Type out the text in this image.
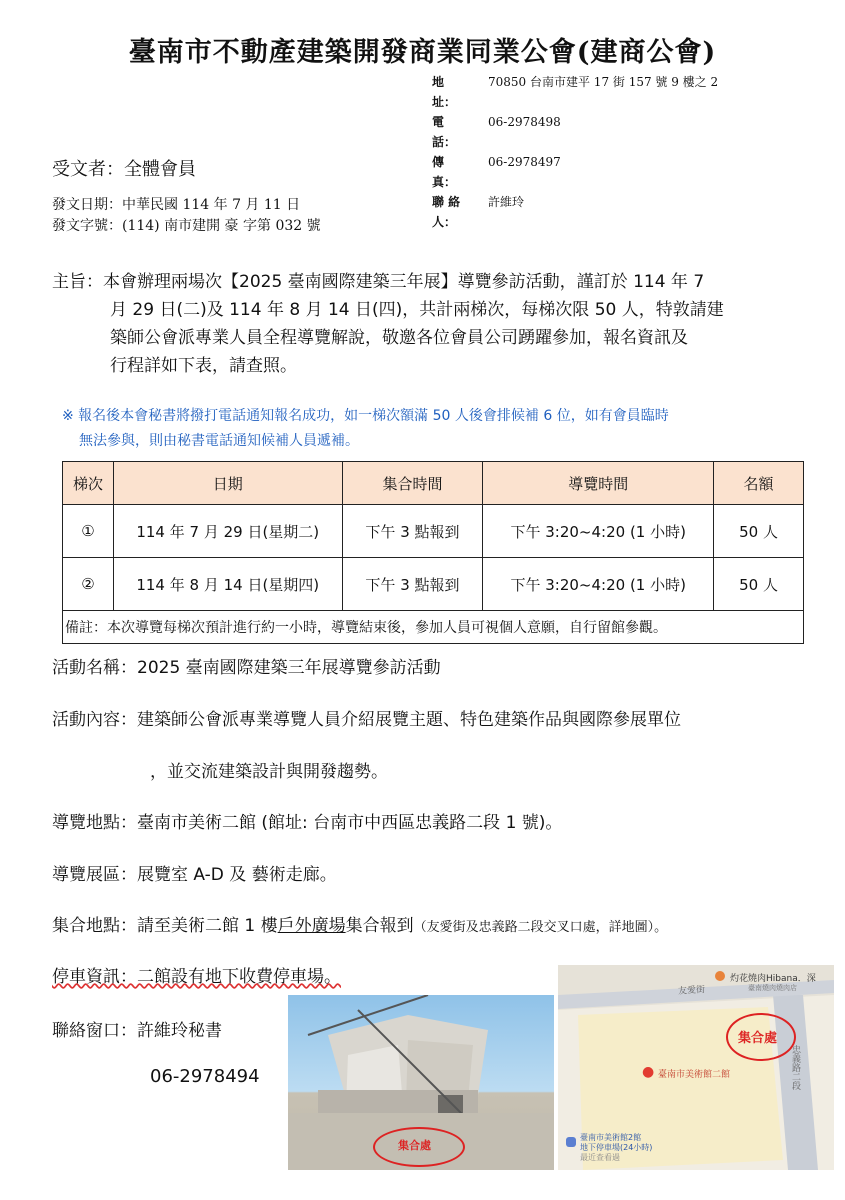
臺南市不動產建築開發商業同業公會(建商公會)
地　　址：
70850 台南市建平 17 街 157 號 9 樓之 2
電　　話：
06-2978498
傳　　真：
06-2978497
聯 絡 人：
許維玲
受文者：全體會員
發文日期：中華民國 114 年 7 月 11 日
發文字號：(114) 南市建開 豪 字第 032 號
主旨：本會辦理兩場次【2025 臺南國際建築三年展】導覽參訪活動，謹訂於 114 年 7
月 29 日(二)及 114 年 8 月 14 日(四)，共計兩梯次，每梯次限 50 人，特敦請建
築師公會派專業人員全程導覽解說，敬邀各位會員公司踴躍參加，報名資訊及
行程詳如下表，請查照。
※ 報名後本會秘書將撥打電話通知報名成功，如一梯次額滿 50 人後會排候補 6 位，如有會員臨時
無法參與，則由秘書電話通知候補人員遞補。
梯次	日期	集合時間	導覽時間	名額
①	114 年 7 月 29 日(星期二)	下午 3 點報到	下午 3:20~4:20 (1 小時)	50 人
②	114 年 8 月 14 日(星期四)	下午 3 點報到	下午 3:20~4:20 (1 小時)	50 人
備註：本次導覽每梯次預計進行約一小時，導覽結束後，參加人員可視個人意願，自行留館參觀。				
活動名稱：2025 臺南國際建築三年展導覽參訪活動
活動內容：建築師公會派專業導覽人員介紹展覽主題、特色建築作品與國際參展單位
，並交流建築設計與開發趨勢。
導覽地點：臺南市美術二館 (館址: 台南市中西區忠義路二段 1 號)。
導覽展區：展覽室 A-D 及 藝術走廊。
集合地點：請至美術二館 1 樓戶外廣場集合報到（友愛街及忠義路二段交叉口處，詳地圖）。
停車資訊：二館設有地下收費停車場。
聯絡窗口：許維玲秘書
06-2978494
集合處
灼花燒肉Hibana．深
臺南燒肉燒肉店
友愛街
忠義路二段
集合處
● 臺南市美術館二館
臺南市美術館2館
地下停車場(24小時)
最近查看過
